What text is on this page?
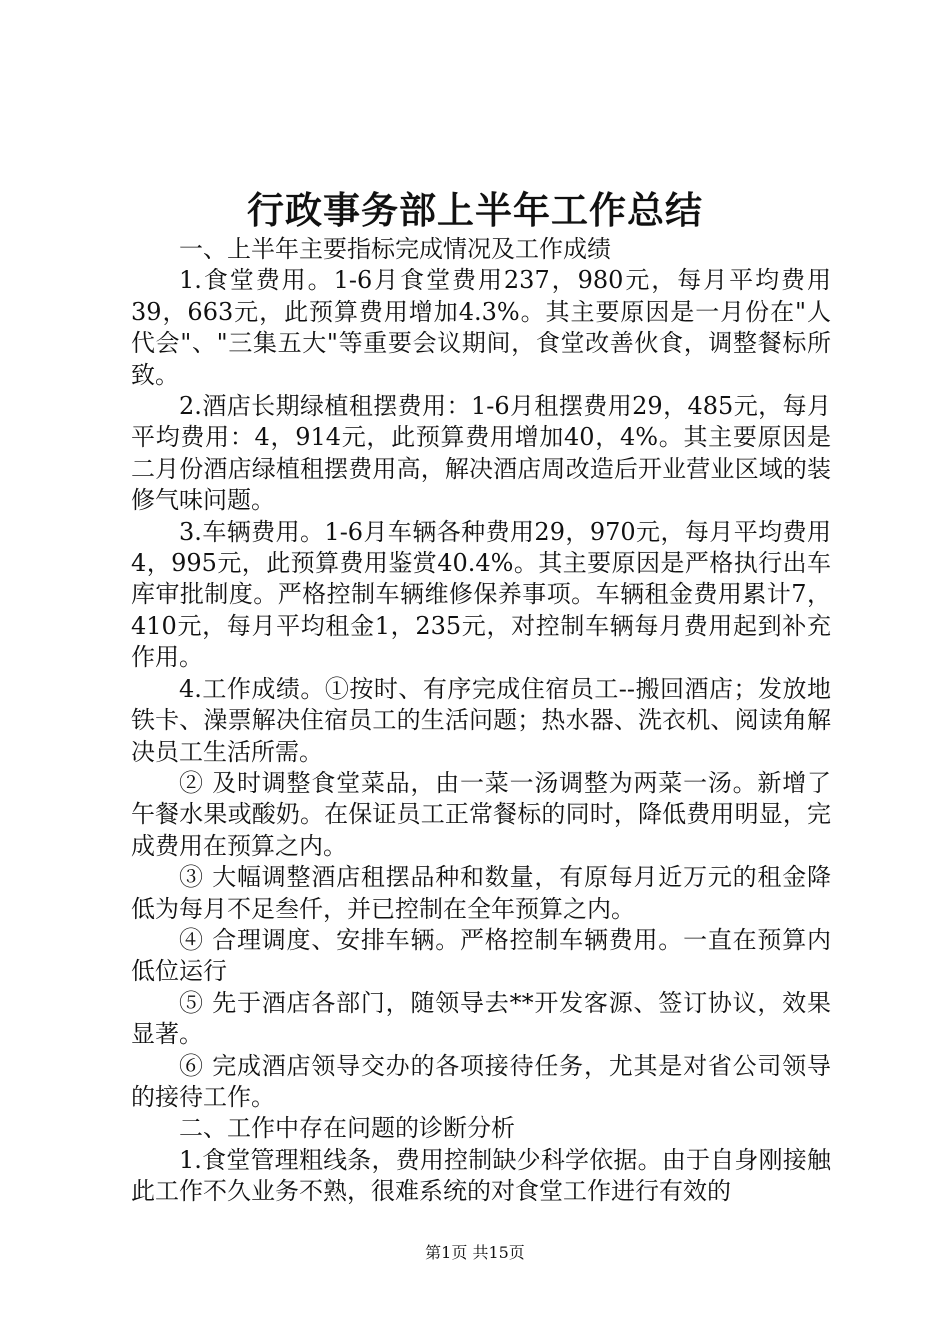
行政事务部上半年工作总结

一、上半年主要指标完成情况及工作成绩

1.食堂费用。1-6月食堂费用237，980元，每月平均费用39，663元，此预算费用增加4.3%。其主要原因是一月份在"人代会"、"三集五大"等重要会议期间，食堂改善伙食，调整餐标所致。

2.酒店长期绿植租摆费用：1-6月租摆费用29，485元，每月平均费用：4，914元，此预算费用增加40，4%。其主要原因是二月份酒店绿植租摆费用高，解决酒店周改造后开业营业区域的装修气味问题。

3.车辆费用。1-6月车辆各种费用29，970元，每月平均费用4，995元，此预算费用鉴赏40.4%。其主要原因是严格执行出车库审批制度。严格控制车辆维修保养事项。车辆租金费用累计7，410元，每月平均租金1，235元，对控制车辆每月费用起到补充作用。

4.工作成绩。①按时、有序完成住宿员工--搬回酒店；发放地铁卡、澡票解决住宿员工的生活问题；热水器、洗衣机、阅读角解决员工生活所需。

② 及时调整食堂菜品，由一菜一汤调整为两菜一汤。新增了午餐水果或酸奶。在保证员工正常餐标的同时，降低费用明显，完成费用在预算之内。

③ 大幅调整酒店租摆品种和数量，有原每月近万元的租金降低为每月不足叁仟，并已控制在全年预算之内。

④ 合理调度、安排车辆。严格控制车辆费用。一直在预算内低位运行

⑤ 先于酒店各部门，随领导去**开发客源、签订协议，效果显著。

⑥ 完成酒店领导交办的各项接待任务，尤其是对省公司领导的接待工作。

二、工作中存在问题的诊断分析

1.食堂管理粗线条，费用控制缺少科学依据。由于自身刚接触此工作不久业务不熟，很难系统的对食堂工作进行有效的

第1页 共15页
